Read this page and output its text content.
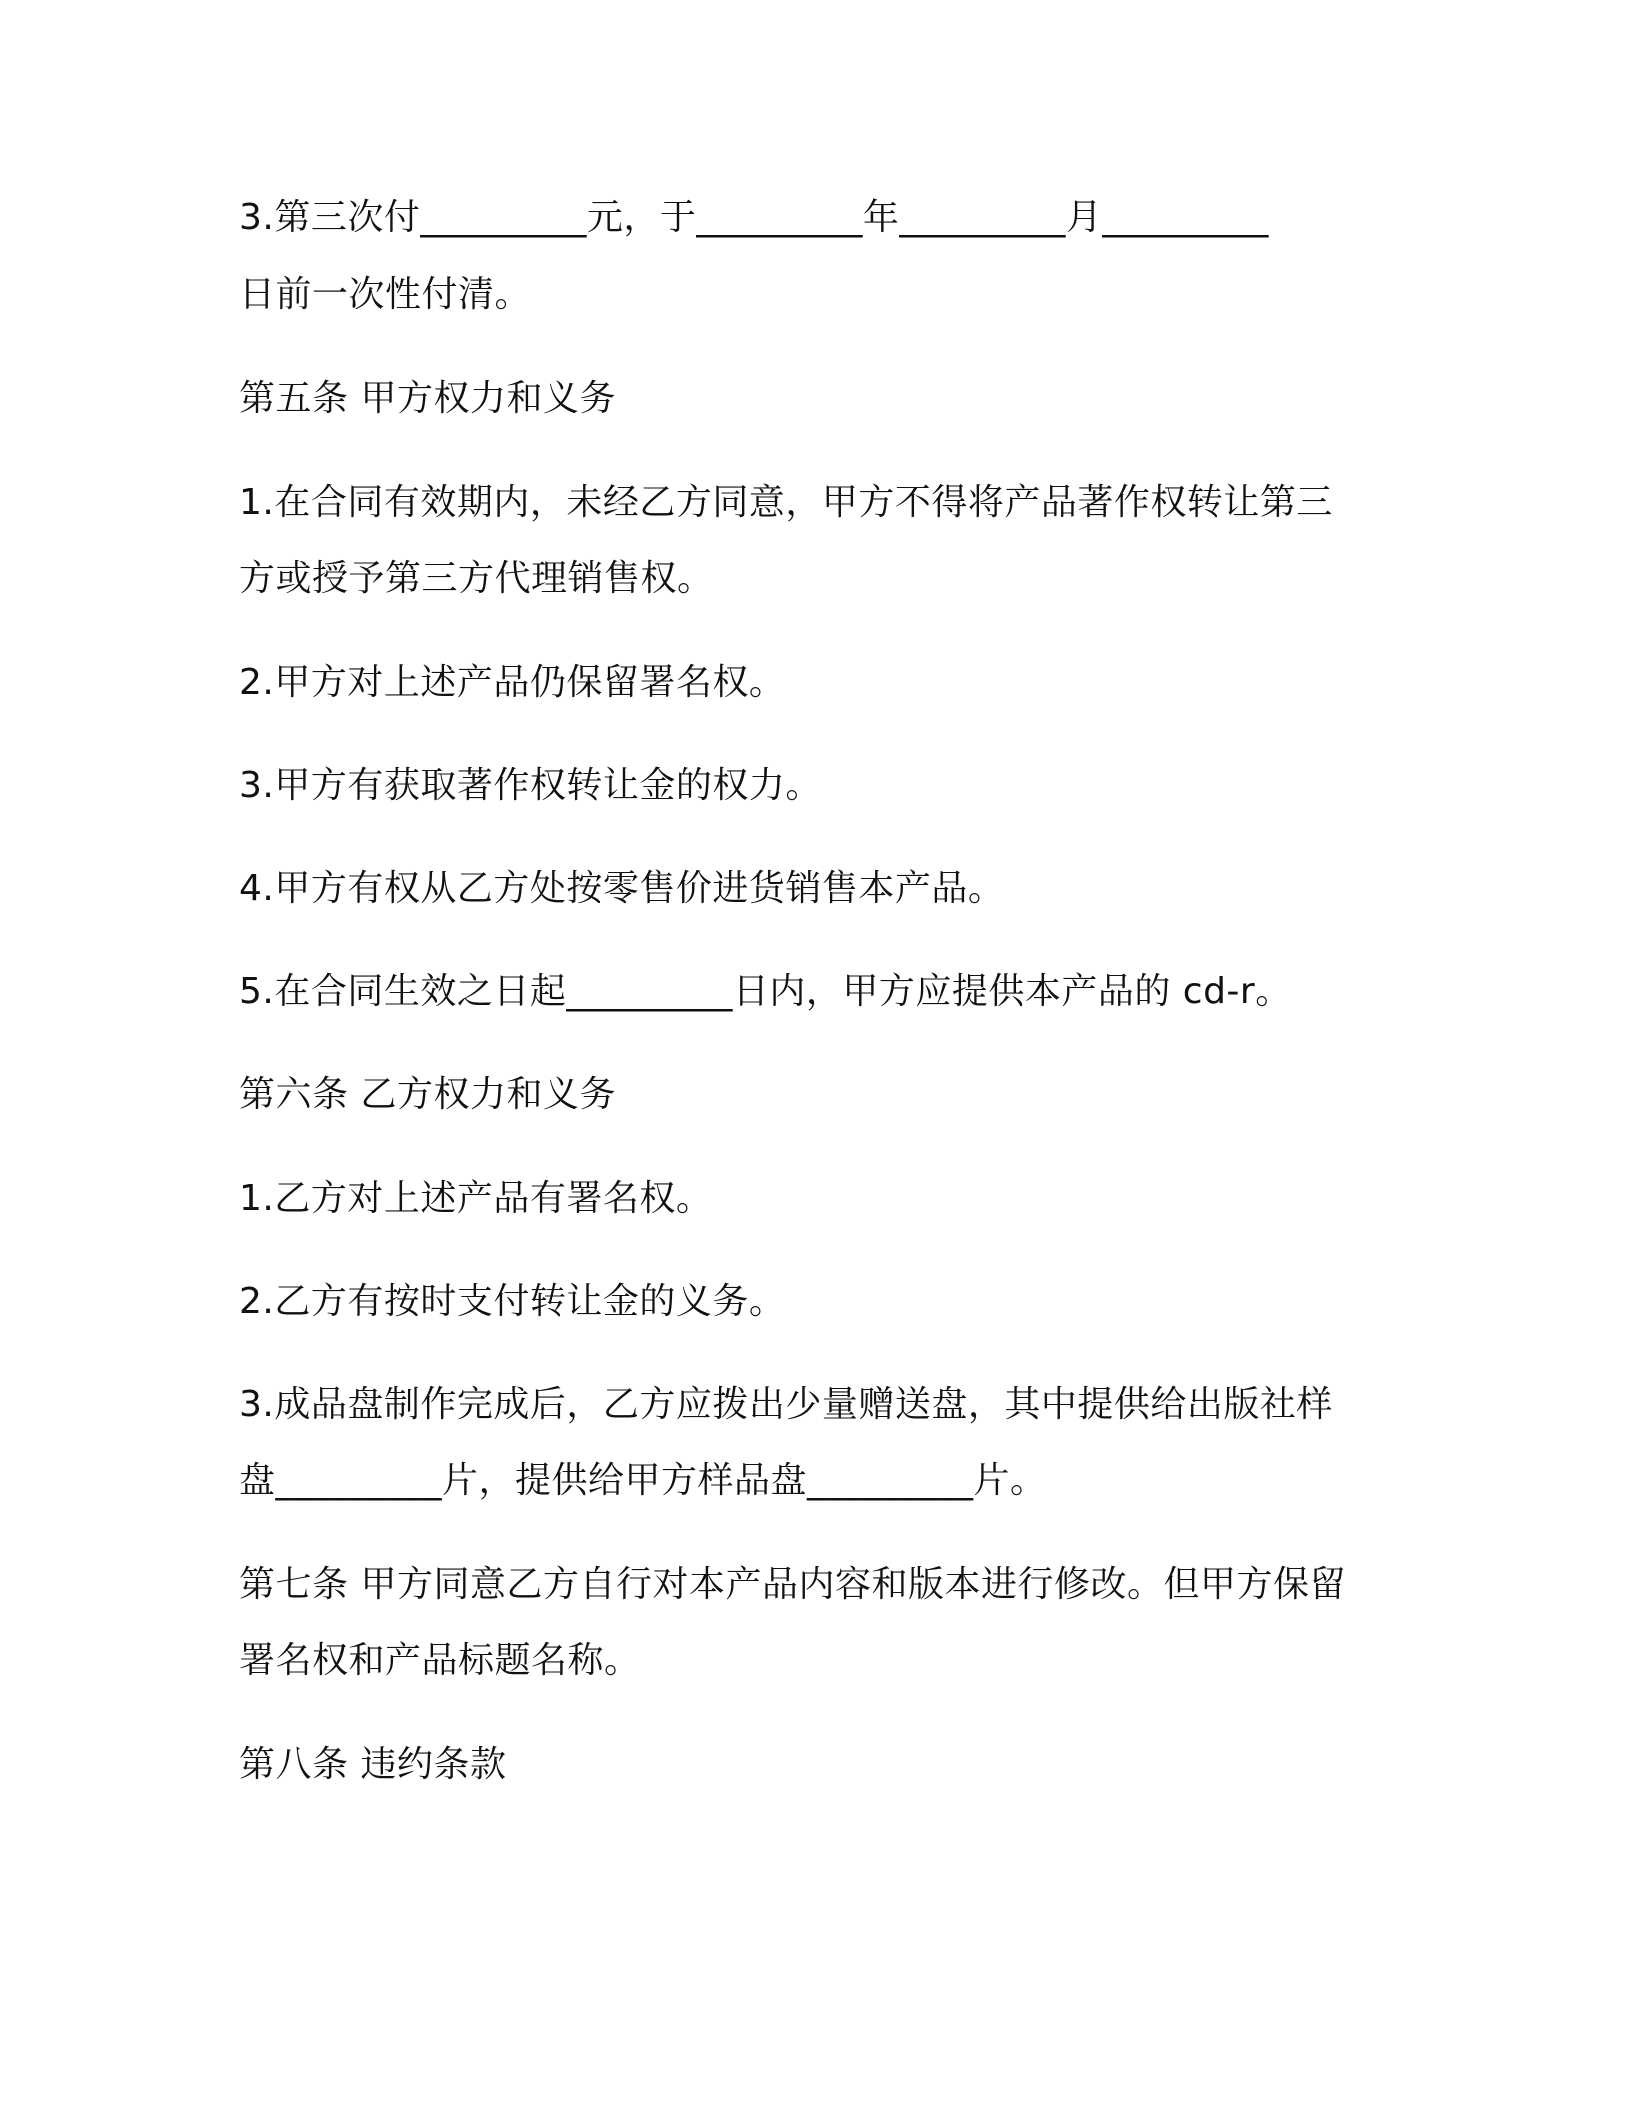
3.第三次付_________元，于_________年_________月_________
日前一次性付清。
第五条 甲方权力和义务
1.在合同有效期内，未经乙方同意，甲方不得将产品著作权转让第三
方或授予第三方代理销售权。
2.甲方对上述产品仍保留署名权。
3.甲方有获取著作权转让金的权力。
4.甲方有权从乙方处按零售价进货销售本产品。
5.在合同生效之日起_________日内，甲方应提供本产品的 cd-r。
第六条 乙方权力和义务
1.乙方对上述产品有署名权。
2.乙方有按时支付转让金的义务。
3.成品盘制作完成后，乙方应拨出少量赠送盘，其中提供给出版社样
盘_________片，提供给甲方样品盘_________片。
第七条 甲方同意乙方自行对本产品内容和版本进行修改。但甲方保留
署名权和产品标题名称。
第八条 违约条款
